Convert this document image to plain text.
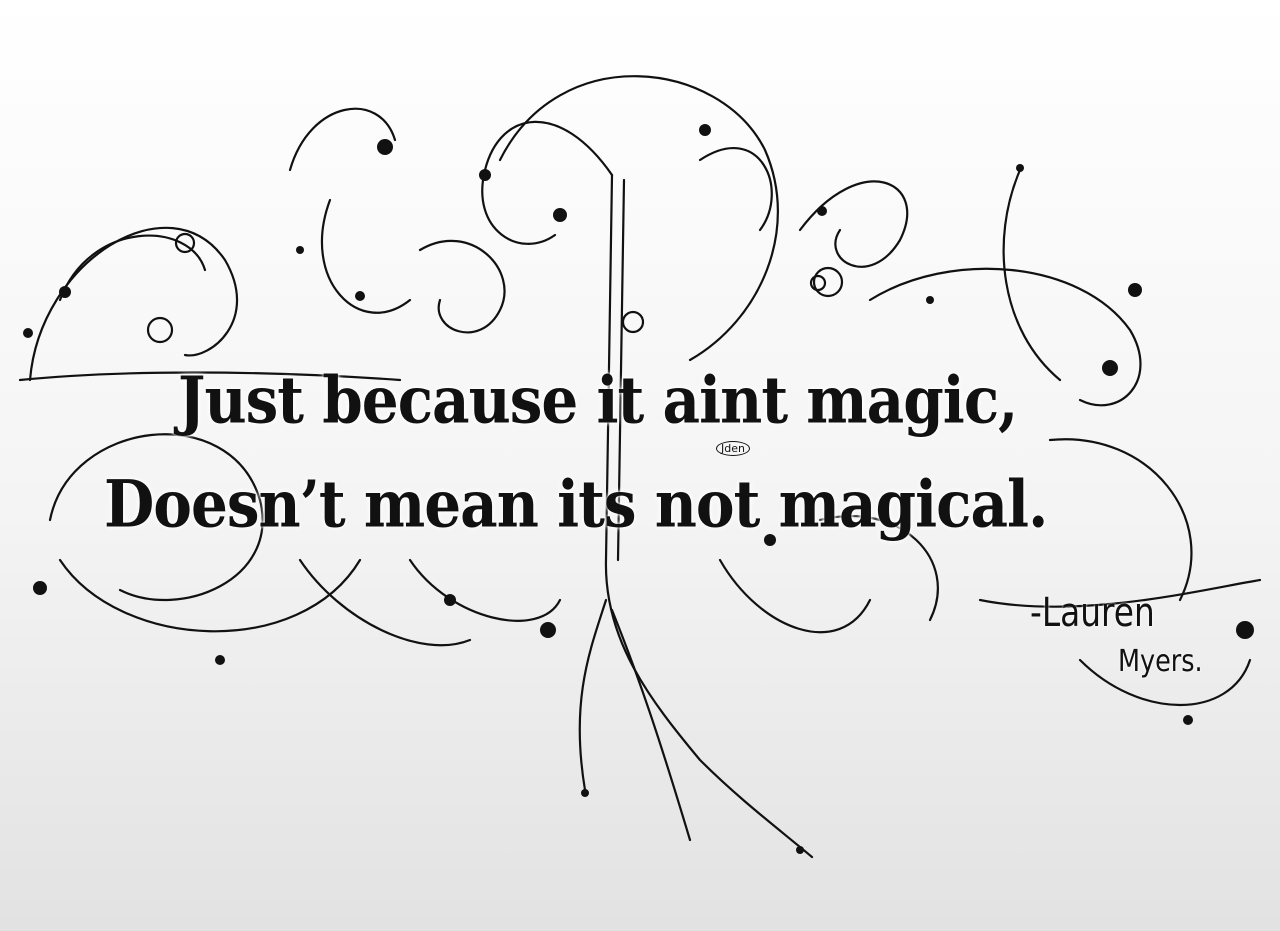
Just because it aint magic,

Doesn’t mean its not magical.

-Lauren

Myers.

Jden
